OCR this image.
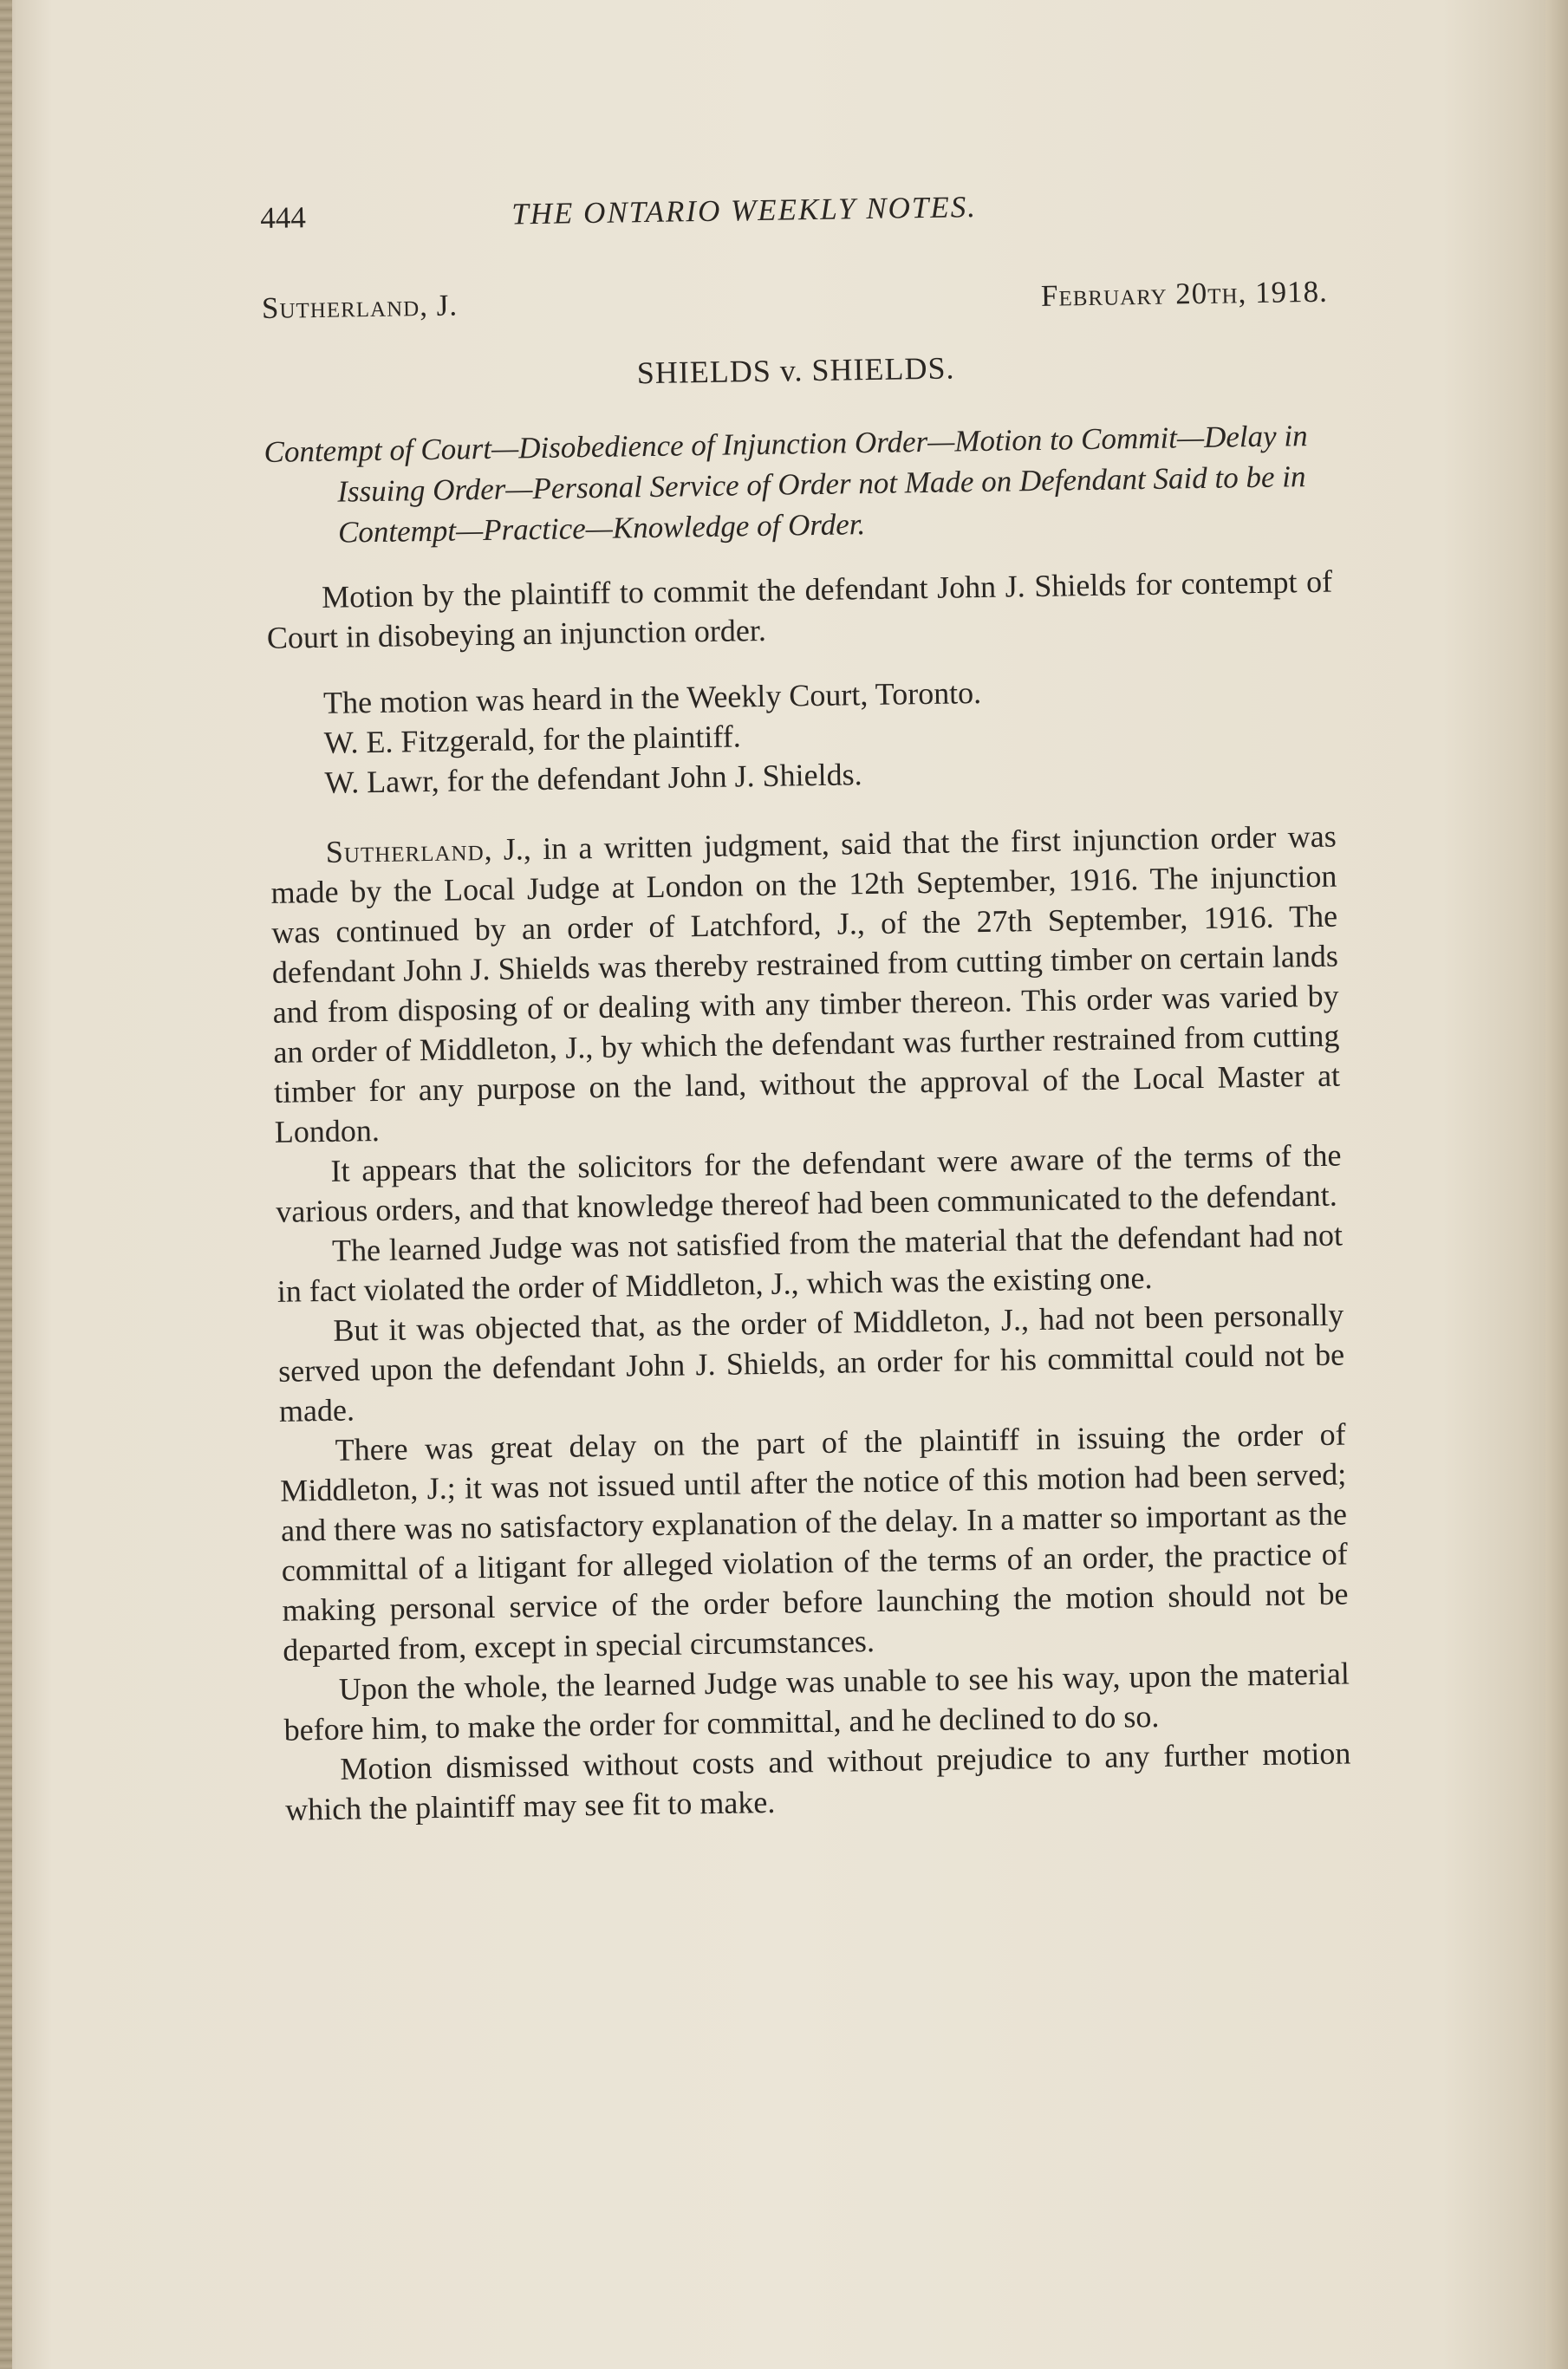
444	THE ONTARIO WEEKLY NOTES.
Sutherland, J.	February 20th, 1918.
SHIELDS v. SHIELDS.
Contempt of Court—Disobedience of Injunction Order—Motion to Commit—Delay in Issuing Order—Personal Service of Order not Made on Defendant Said to be in Contempt—Practice—Knowledge of Order.

Motion by the plaintiff to commit the defendant John J. Shields for contempt of Court in disobeying an injunction order.

The motion was heard in the Weekly Court, Toronto.

W. E. Fitzgerald, for the plaintiff.

W. Lawr, for the defendant John J. Shields.

Sutherland, J., in a written judgment, said that the first injunction order was made by the Local Judge at London on the 12th September, 1916. The injunction was continued by an order of Latchford, J., of the 27th September, 1916. The defendant John J. Shields was thereby restrained from cutting timber on certain lands and from disposing of or dealing with any timber thereon. This order was varied by an order of Middleton, J., by which the defendant was further restrained from cutting timber for any purpose on the land, without the approval of the Local Master at London.

It appears that the solicitors for the defendant were aware of the terms of the various orders, and that knowledge thereof had been communicated to the defendant.

The learned Judge was not satisfied from the material that the defendant had not in fact violated the order of Middleton, J., which was the existing one.

But it was objected that, as the order of Middleton, J., had not been personally served upon the defendant John J. Shields, an order for his committal could not be made.

There was great delay on the part of the plaintiff in issuing the order of Middleton, J.; it was not issued until after the notice of this motion had been served; and there was no satisfactory explanation of the delay. In a matter so important as the committal of a litigant for alleged violation of the terms of an order, the practice of making personal service of the order before launching the motion should not be departed from, except in special circumstances.

Upon the whole, the learned Judge was unable to see his way, upon the material before him, to make the order for committal, and he declined to do so.

Motion dismissed without costs and without prejudice to any further motion which the plaintiff may see fit to make.
